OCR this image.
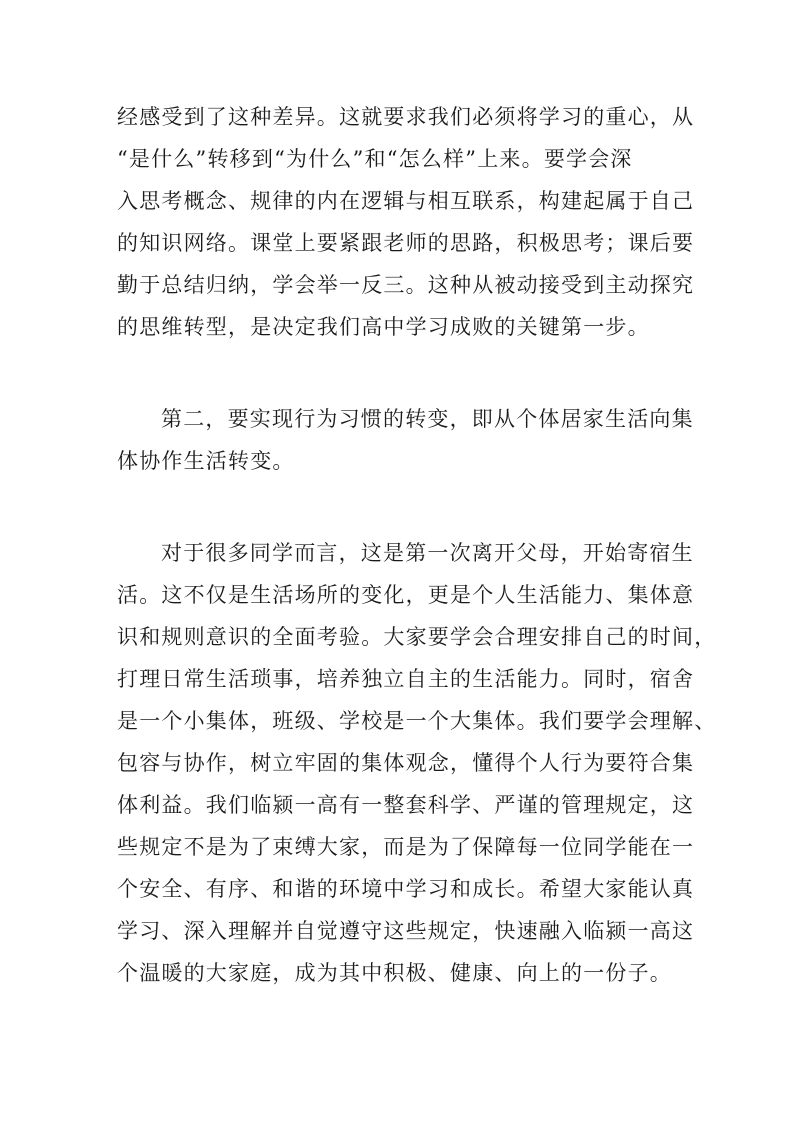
经感受到了这种差异。这就要求我们必须将学习的重心，从
“是什么”转移到“为什么”和“怎么样”上来。要学会深
入思考概念、规律的内在逻辑与相互联系，构建起属于自己
的知识网络。课堂上要紧跟老师的思路，积极思考；课后要
勤于总结归纳，学会举一反三。这种从被动接受到主动探究
的思维转型，是决定我们高中学习成败的关键第一步。
第二，要实现行为习惯的转变，即从个体居家生活向集
体协作生活转变。
对于很多同学而言，这是第一次离开父母，开始寄宿生
活。这不仅是生活场所的变化，更是个人生活能力、集体意
识和规则意识的全面考验。大家要学会合理安排自己的时间，
打理日常生活琐事，培养独立自主的生活能力。同时，宿舍
是一个小集体，班级、学校是一个大集体。我们要学会理解、
包容与协作，树立牢固的集体观念，懂得个人行为要符合集
体利益。我们临颍一高有一整套科学、严谨的管理规定，这
些规定不是为了束缚大家，而是为了保障每一位同学能在一
个安全、有序、和谐的环境中学习和成长。希望大家能认真
学习、深入理解并自觉遵守这些规定，快速融入临颍一高这
个温暖的大家庭，成为其中积极、健康、向上的一份子。
